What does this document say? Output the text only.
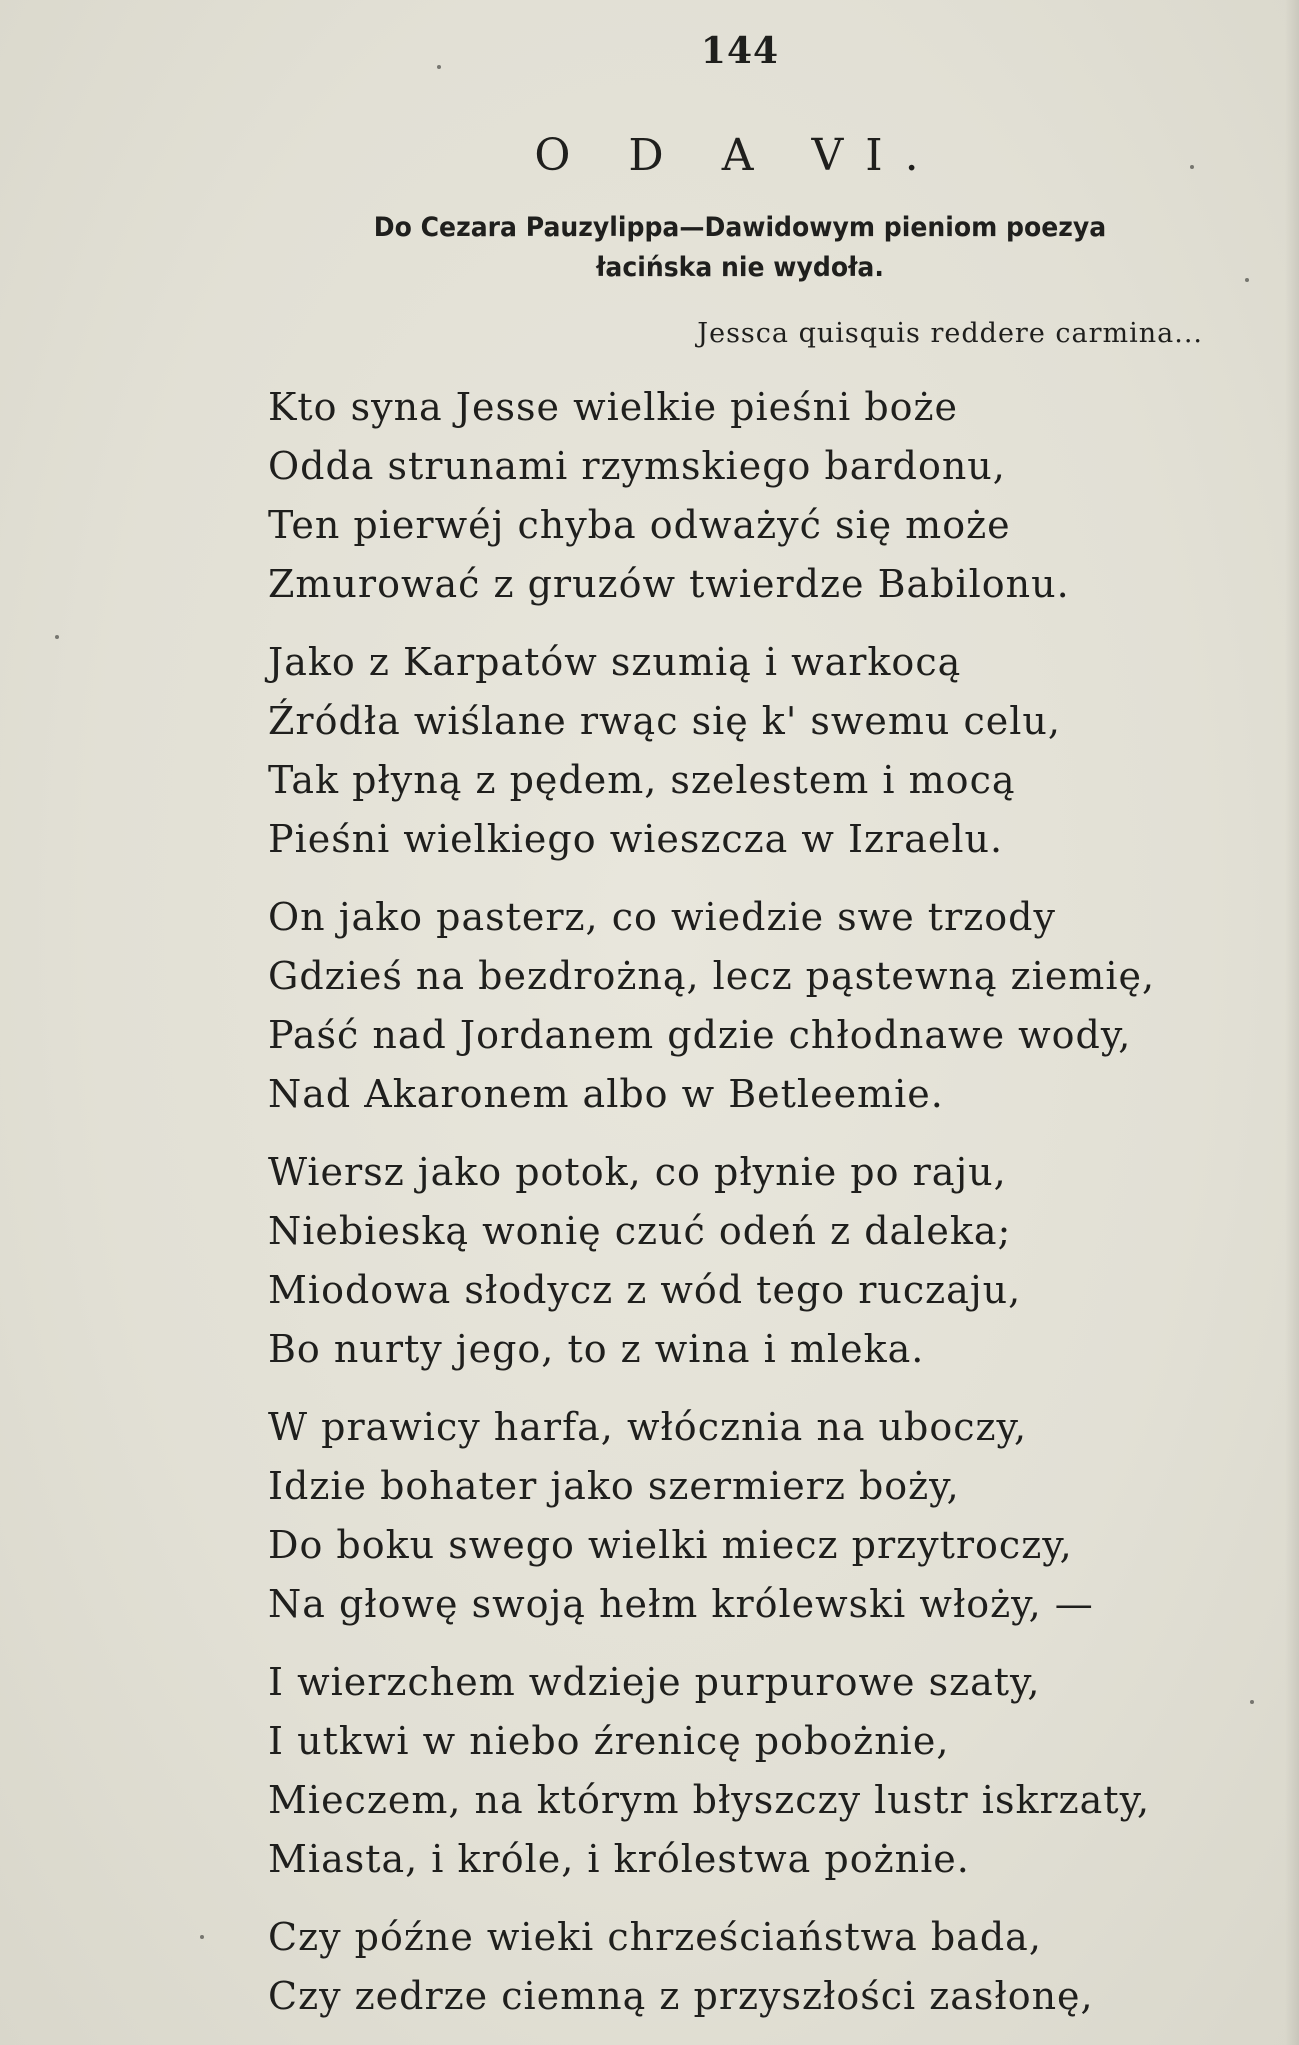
144
O D A VI.
Do Cezara Pauzylippa—Dawidowym pieniom poezya
łacińska nie wydoła.
Jessca quisquis reddere carmina...
Kto syna Jesse wielkie pieśni boże
Odda strunami rzymskiego bardonu,
Ten pierwéj chyba odważyć się może
Zmurować z gruzów twierdze Babilonu.
Jako z Karpatów szumią i warkocą
Źródła wiślane rwąc się k' swemu celu,
Tak płyną z pędem, szelestem i mocą
Pieśni wielkiego wieszcza w Izraelu.
On jako pasterz, co wiedzie swe trzody
Gdzieś na bezdrożną, lecz pąstewną ziemię,
Paść nad Jordanem gdzie chłodnawe wody,
Nad Akaronem albo w Betleemie.
Wiersz jako potok, co płynie po raju,
Niebieską wonię czuć odeń z daleka;
Miodowa słodycz z wód tego ruczaju,
Bo nurty jego, to z wina i mleka.
W prawicy harfa, włócznia na uboczy,
Idzie bohater jako szermierz boży,
Do boku swego wielki miecz przytroczy,
Na głowę swoją hełm królewski włoży, —
I wierzchem wdzieje purpurowe szaty,
I utkwi w niebo źrenicę pobożnie,
Mieczem, na którym błyszczy lustr iskrzaty,
Miasta, i króle, i królestwa pożnie.
Czy późne wieki chrześciaństwa bada,
Czy zedrze ciemną z przyszłości zasłonę,
